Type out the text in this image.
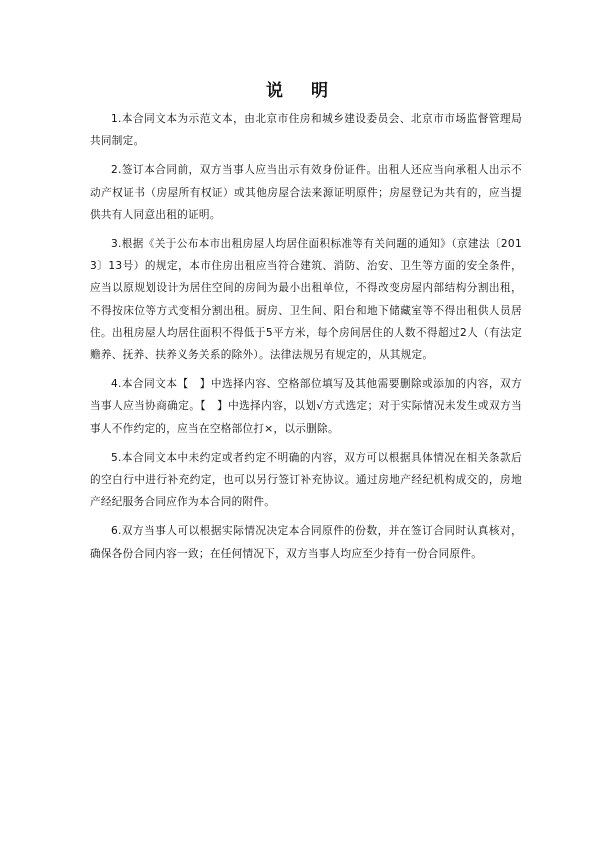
说 明

1.本合同文本为示范文本，由北京市住房和城乡建设委员会、北京市市场监督管理局共同制定。

2.签订本合同前，双方当事人应当出示有效身份证件。出租人还应当向承租人出示不动产权证书（房屋所有权证）或其他房屋合法来源证明原件；房屋登记为共有的，应当提供共有人同意出租的证明。

3.根据《关于公布本市出租房屋人均居住面积标准等有关问题的通知》（京建法〔2013〕13号）的规定，本市住房出租应当符合建筑、消防、治安、卫生等方面的安全条件，应当以原规划设计为居住空间的房间为最小出租单位，不得改变房屋内部结构分割出租，不得按床位等方式变相分割出租。厨房、卫生间、阳台和地下储藏室等不得出租供人员居住。出租房屋人均居住面积不得低于5平方米，每个房间居住的人数不得超过2人（有法定赡养、抚养、扶养义务关系的除外）。法律法规另有规定的，从其规定。

4.本合同文本【　】中选择内容、空格部位填写及其他需要删除或添加的内容，双方当事人应当协商确定。【　】中选择内容，以划√方式选定；对于实际情况未发生或双方当事人不作约定的，应当在空格部位打×，以示删除。

5.本合同文本中未约定或者约定不明确的内容，双方可以根据具体情况在相关条款后的空白行中进行补充约定，也可以另行签订补充协议。通过房地产经纪机构成交的，房地产经纪服务合同应作为本合同的附件。

6.双方当事人可以根据实际情况决定本合同原件的份数，并在签订合同时认真核对，确保各份合同内容一致；在任何情况下，双方当事人均应至少持有一份合同原件。
